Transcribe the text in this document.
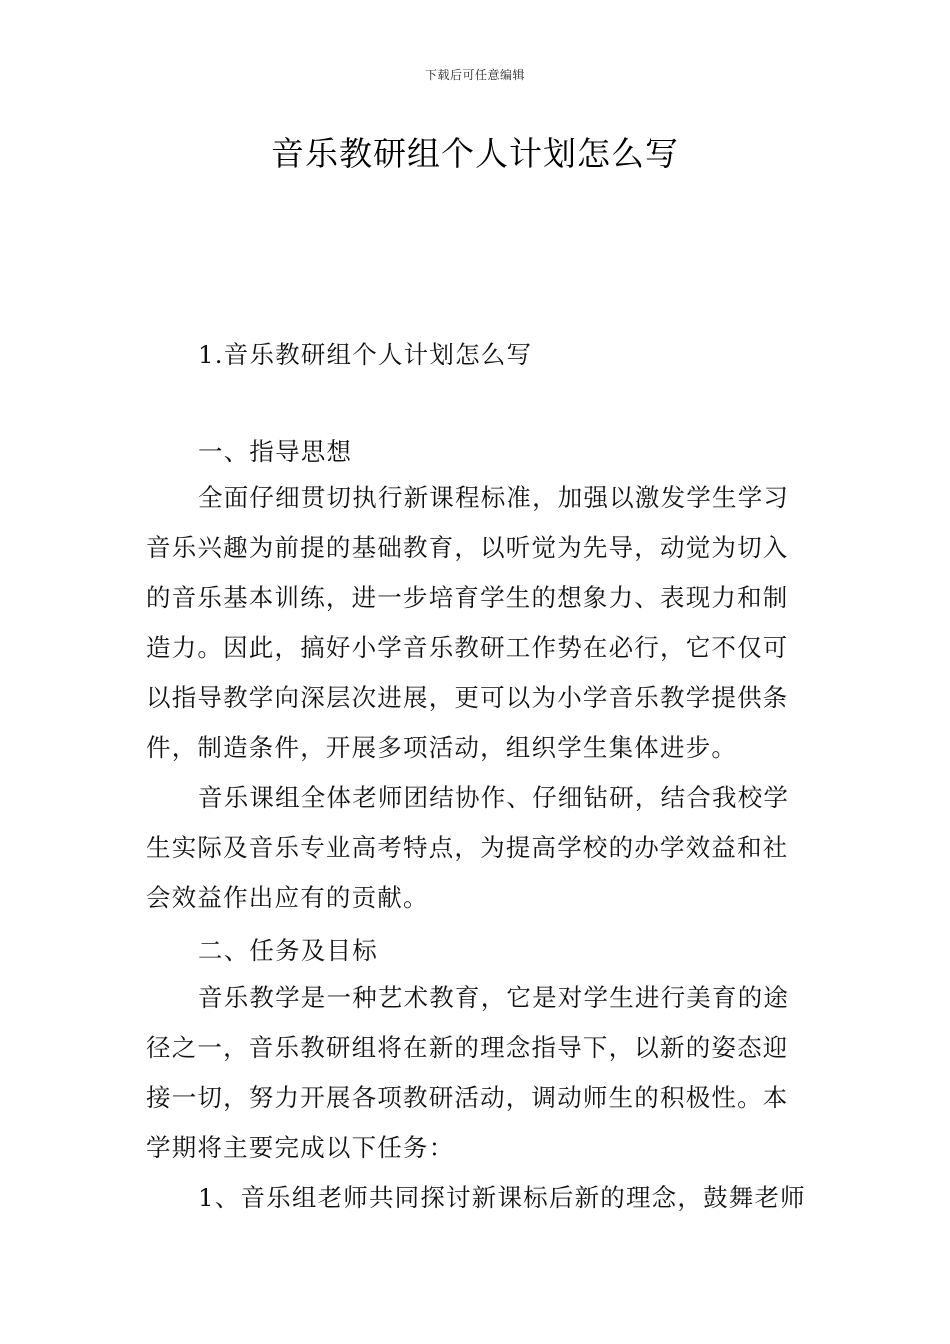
下载后可任意编辑
音乐教研组个人计划怎么写
1.音乐教研组个人计划怎么写
一、指导思想
全面仔细贯切执行新课程标准，加强以激发学生学习
音乐兴趣为前提的基础教育，以听觉为先导，动觉为切入
的音乐基本训练，进一步培育学生的想象力、表现力和制
造力。因此，搞好小学音乐教研工作势在必行，它不仅可
以指导教学向深层次进展，更可以为小学音乐教学提供条
件，制造条件，开展多项活动，组织学生集体进步。
音乐课组全体老师团结协作、仔细钻研，结合我校学
生实际及音乐专业高考特点，为提高学校的办学效益和社
会效益作出应有的贡献。
二、任务及目标
音乐教学是一种艺术教育，它是对学生进行美育的途
径之一，音乐教研组将在新的理念指导下，以新的姿态迎
接一切，努力开展各项教研活动，调动师生的积极性。本
学期将主要完成以下任务：
1、音乐组老师共同探讨新课标后新的理念，鼓舞老师
